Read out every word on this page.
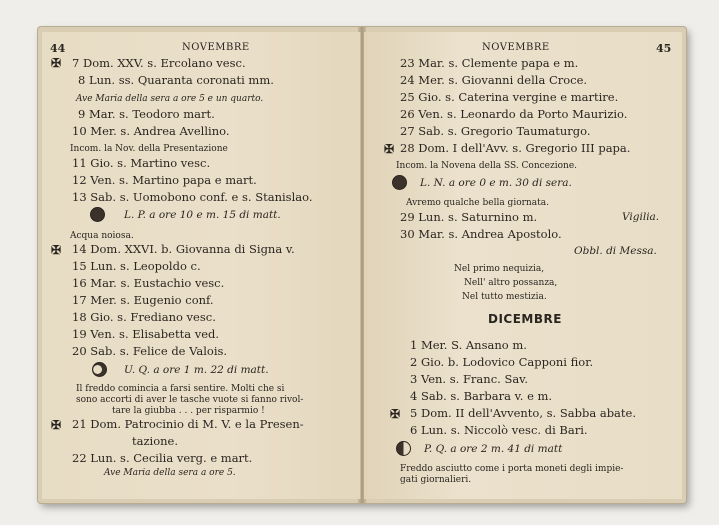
44	NOVEMBRE
✠ 7 Dom. XXV. s. Ercolano vesc.
8 Lun. ss. Quaranta coronati mm.
Ave Maria della sera a ore 5 e un quarto.
9 Mar. s. Teodoro mart.
10 Mer. s. Andrea Avellino.
Incom. la Nov. della Presentazione
11 Gio. s. Martino vesc.
12 Ven. s. Martino papa e mart.
13 Sab. s. Uomobono conf. e s. Stanislao.
L. P. a ore 10 e m. 15 di matt.
Acqua noiosa.
✠ 14 Dom. XXVI. b. Giovanna di Signa v.
15 Lun. s. Leopoldo c.
16 Mar. s. Eustachio vesc.
17 Mer. s. Eugenio conf.
18 Gio. s. Frediano vesc.
19 Ven. s. Elisabetta ved.
20 Sab. s. Felice de Valois.
U. Q. a ore 1 m. 22 di matt.
Il freddo comincia a farsi sentire. Molti che si
sono accorti di aver le tasche vuote si fanno rivol-
tare la giubba . . . per risparmio !
✠ 21 Dom. Patrocinio di M. V. e la Presen-
tazione.
22 Lun. s. Cecilia verg. e mart.
Ave Maria della sera a ore 5.
NOVEMBRE	45
23 Mar. s. Clemente papa e m.
24 Mer. s. Giovanni della Croce.
25 Gio. s. Caterina vergine e martire.
26 Ven. s. Leonardo da Porto Maurizio.
27 Sab. s. Gregorio Taumaturgo.
✠ 28 Dom. I dell'Avv. s. Gregorio III papa.
Incom. la Novena della SS. Concezione.
L. N. a ore 0 e m. 30 di sera.
Avremo qualche bella giornata.
29 Lun. s. Saturnino m.	Vigilia.
30 Mar. s. Andrea Apostolo.
Obbl. di Messa.
Nel primo nequizia,
Nell' altro possanza,
Nel tutto mestizia.
DICEMBRE
1 Mer. S. Ansano m.
2 Gio. b. Lodovico Capponi fior.
3 Ven. s. Franc. Sav.
4 Sab. s. Barbara v. e m.
✠ 5 Dom. II dell'Avvento, s. Sabba abate.
6 Lun. s. Niccolò vesc. di Bari.
P. Q. a ore 2 m. 41 di matt
Freddo asciutto come i porta moneti degli impie-
gati giornalieri.
